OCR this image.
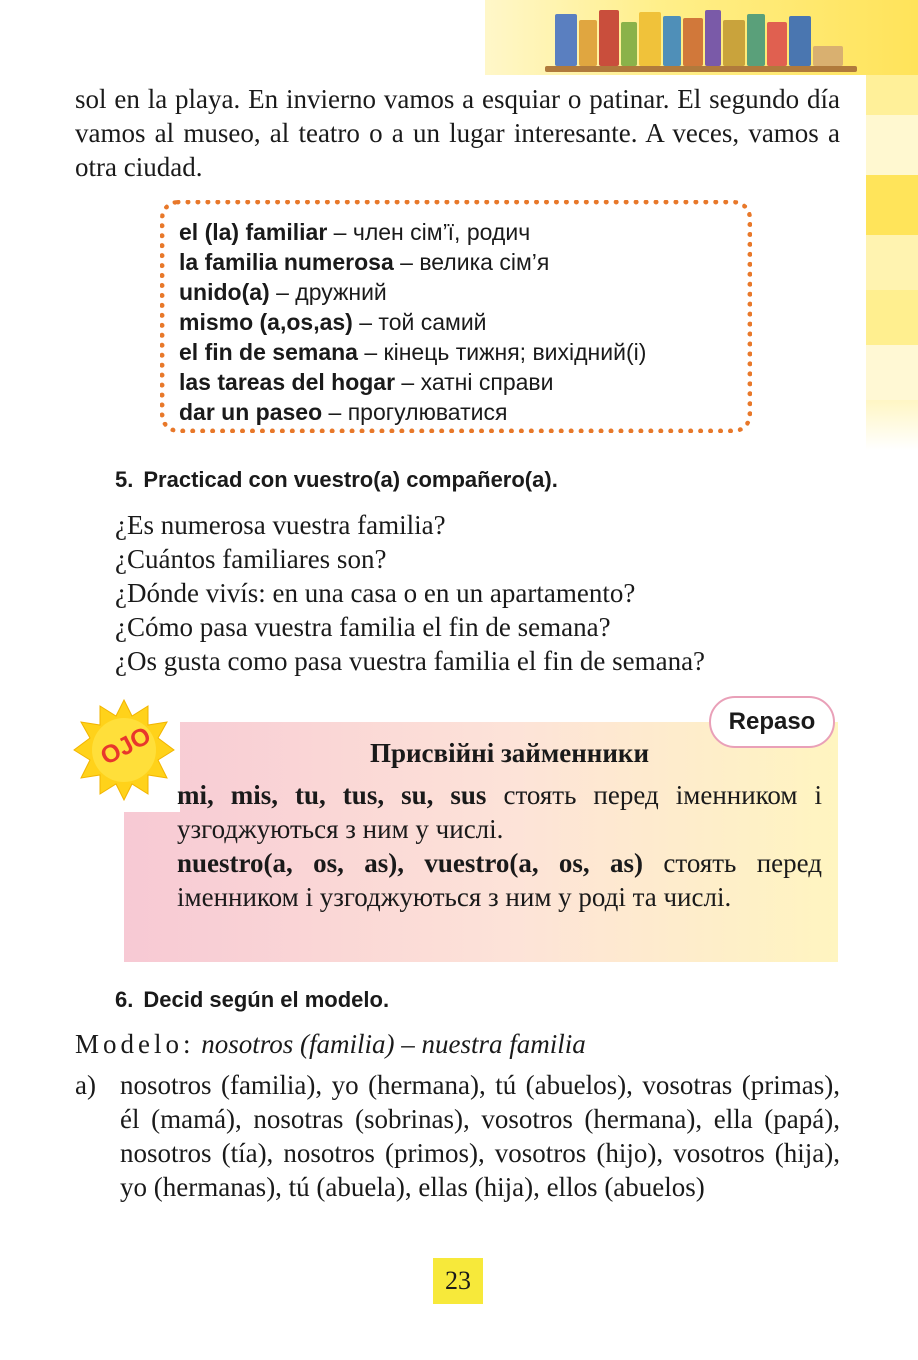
sol en la playa. En invierno vamos a esquiar o patinar. El segundo día vamos al museo, al teatro o a un lugar interesante. A veces, vamos a otra ciudad.
el (la) familiar – член сім’ї, родич
la familia numerosa – велика сім’я
unido(a) – дружний
mismo (a,os,as) – той самий
el fin de semana – кінець тижня; вихідний(і)
las tareas del hogar – хатні справи
dar un paseo – прогулюватися
5. Practicad con vuestro(a) compañero(a).
¿Es numerosa vuestra familia?
¿Cuántos familiares son?
¿Dónde vivís: en una casa o en un apartamento?
¿Cómo pasa vuestra familia el fin de semana?
¿Os gusta como pasa vuestra familia el fin de semana?
OJO	Repaso
Присвійні займенники
mi, mis, tu, tus, su, sus стоять перед іменником і узгоджуються з ним у числі.
nuestro(a, os, as), vuestro(a, os, as) стоять перед іменником і узгоджуються з ним у роді та числі.
6. Decid según el modelo.
Modelo: nosotros (familia) – nuestra familia
a) nosotros (familia), yo (hermana), tú (abuelos), vosotras (primas), él (mamá), nosotras (sobrinas), vosotros (hermana), ella (papá), nosotros (tía), nosotros (primos), vosotros (hijo), vosotros (hija), yo (hermanas), tú (abuela), ellas (hija), ellos (abuelos)
23
